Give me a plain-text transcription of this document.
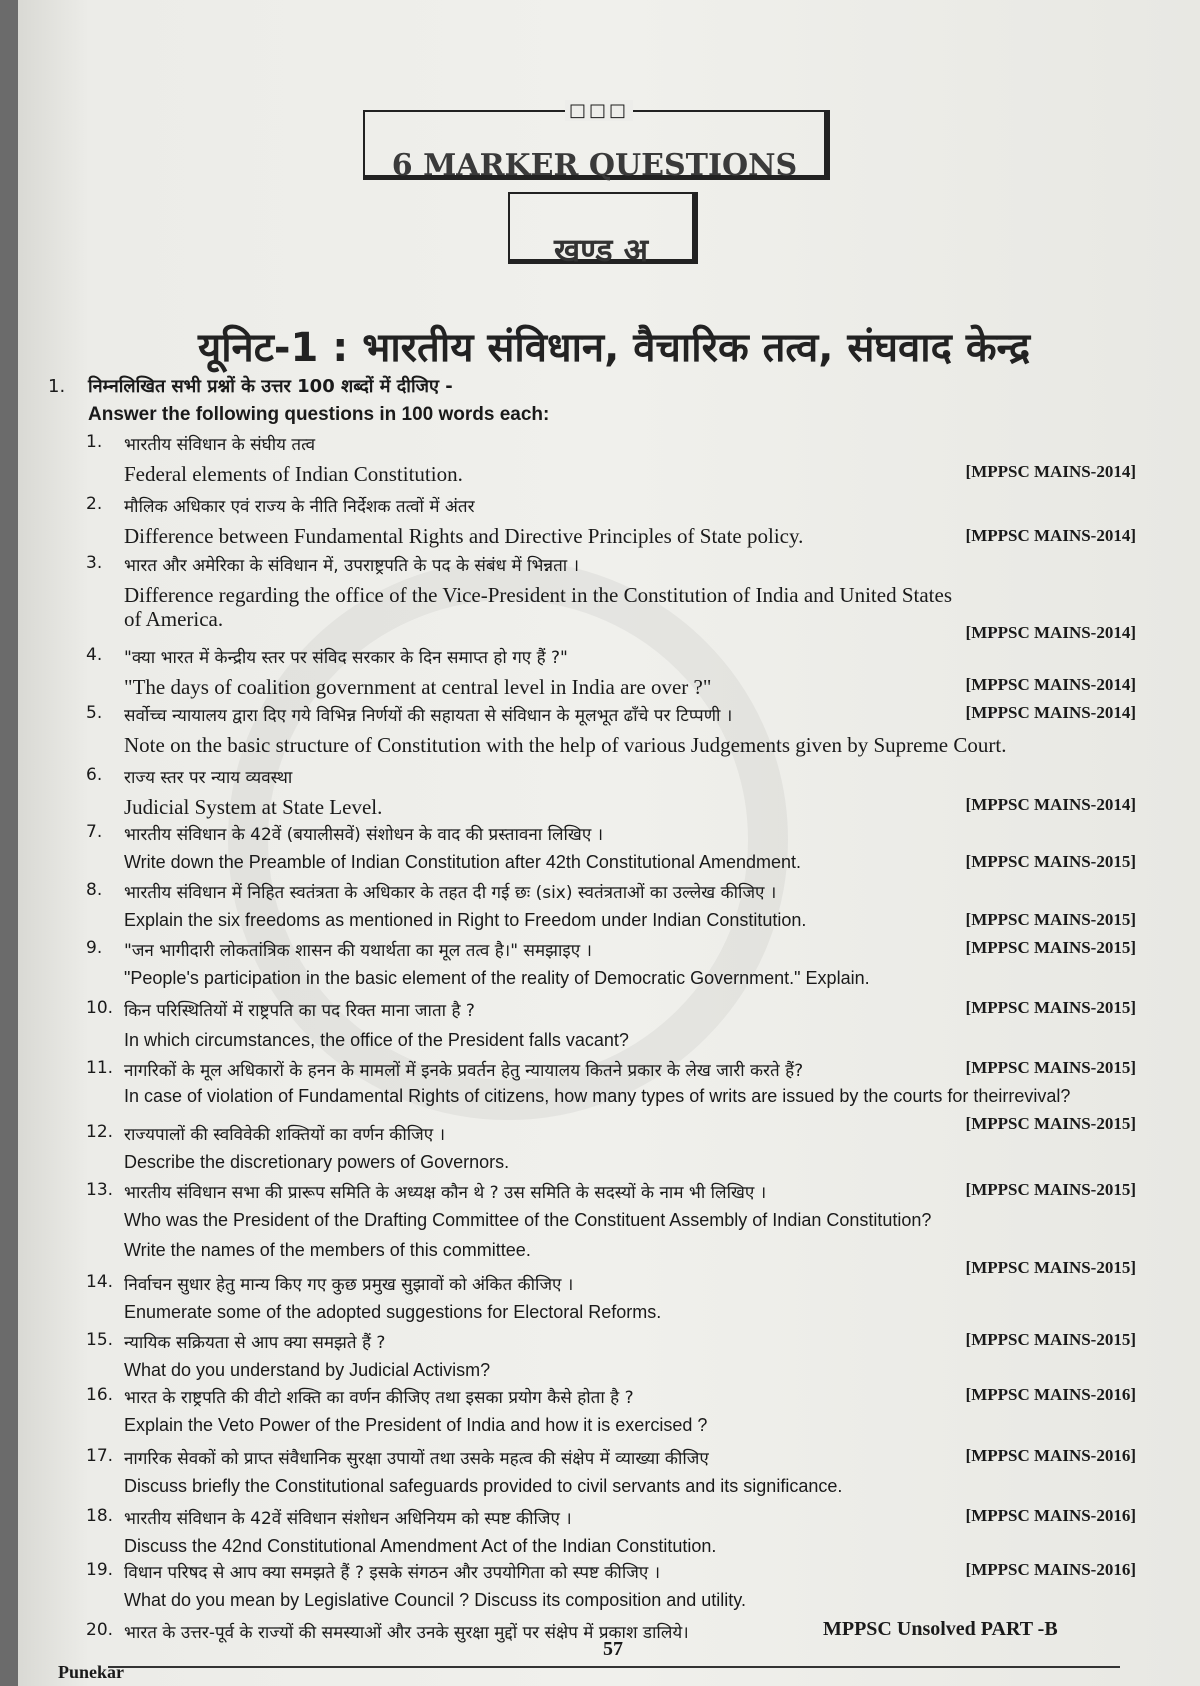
□□□
6 MARKER QUESTIONS
खण्ड अ
यूनिट-1 : भारतीय संविधान, वैचारिक तत्व, संघवाद केन्द्र
1. निम्नलिखित सभी प्रश्नों के उत्तर 100 शब्दों में दीजिए -
Answer the following questions in 100 words each:
1. भारतीय संविधान के संघीय तत्व
Federal elements of Indian Constitution.	[MPPSC MAINS-2014]
2. मौलिक अधिकार एवं राज्य के नीति निर्देशक तत्वों में अंतर
Difference between Fundamental Rights and Directive Principles of State policy.	[MPPSC MAINS-2014]
3. भारत और अमेरिका के संविधान में, उपराष्ट्रपति के पद के संबंध में भिन्नता ।
Difference regarding the office of the Vice-President in the Constitution of India and United States
of America.
[MPPSC MAINS-2014]
4. "क्या भारत में केन्द्रीय स्तर पर संविद सरकार के दिन समाप्त हो गए हैं ?"
"The days of coalition government at central level in India are over ?"	[MPPSC MAINS-2014]
5. सर्वोच्च न्यायालय द्वारा दिए गये विभिन्न निर्णयों की सहायता से संविधान के मूलभूत ढाँचे पर टिप्पणी ।
Note on the basic structure of Constitution with the help of various Judgements given by Supreme Court.
[MPPSC MAINS-2014]
6. राज्य स्तर पर न्याय व्यवस्था
Judicial System at State Level.	[MPPSC MAINS-2014]
7. भारतीय संविधान के 42वें (बयालीसवें) संशोधन के वाद की प्रस्तावना लिखिए ।
Write down the Preamble of Indian Constitution after 42th Constitutional Amendment.	[MPPSC MAINS-2015]
8. भारतीय संविधान में निहित स्वतंत्रता के अधिकार के तहत दी गई छः (six) स्वतंत्रताओं का उल्लेख कीजिए ।
Explain the six freedoms as mentioned in Right to Freedom under Indian Constitution.	[MPPSC MAINS-2015]
9. "जन भागीदारी लोकतांत्रिक शासन की यथार्थता का मूल तत्व है।" समझाइए ।
"People's participation in the basic element of the reality of Democratic Government." Explain.
[MPPSC MAINS-2015]
10. किन परिस्थितियों में राष्ट्रपति का पद रिक्त माना जाता है ?
In which circumstances, the office of the President falls vacant?
[MPPSC MAINS-2015]
11. नागरिकों के मूल अधिकारों के हनन के मामलों में इनके प्रवर्तन हेतु न्यायालय कितने प्रकार के लेख जारी करते हैं?
In case of violation of Fundamental Rights of citizens, how many types of writs are issued by the courts for theirrevival?
[MPPSC MAINS-2015]
[MPPSC MAINS-2015]
12. राज्यपालों की स्वविवेकी शक्तियों का वर्णन कीजिए ।
Describe the discretionary powers of Governors.
13. भारतीय संविधान सभा की प्रारूप समिति के अध्यक्ष कौन थे ? उस समिति के सदस्यों के नाम भी लिखिए ।
Who was the President of the Drafting Committee of the Constituent Assembly of Indian Constitution?
Write the names of the members of this committee.
[MPPSC MAINS-2015]
[MPPSC MAINS-2015]
14. निर्वाचन सुधार हेतु मान्य किए गए कुछ प्रमुख सुझावों को अंकित कीजिए ।
Enumerate some of the adopted suggestions for Electoral Reforms.
15. न्यायिक सक्रियता से आप क्या समझते हैं ?
What do you understand by Judicial Activism?
[MPPSC MAINS-2015]
16. भारत के राष्ट्रपति की वीटो शक्ति का वर्णन कीजिए तथा इसका प्रयोग कैसे होता है ?
Explain the Veto Power of the President of India and how it is exercised ?
[MPPSC MAINS-2016]
17. नागरिक सेवकों को प्राप्त संवैधानिक सुरक्षा उपायों तथा उसके महत्व की संक्षेप में व्याख्या कीजिए
Discuss briefly the Constitutional safeguards provided to civil servants and its significance.
[MPPSC MAINS-2016]
18. भारतीय संविधान के 42वें संविधान संशोधन अधिनियम को स्पष्ट कीजिए ।
Discuss the 42nd Constitutional Amendment Act of the Indian Constitution.
[MPPSC MAINS-2016]
19. विधान परिषद से आप क्या समझते हैं ? इसके संगठन और उपयोगिता को स्पष्ट कीजिए ।
What do you mean by Legislative Council ? Discuss its composition and utility.
[MPPSC MAINS-2016]
20. भारत के उत्तर-पूर्व के राज्यों की समस्याओं और उनके सुरक्षा मुद्दों पर संक्षेप में प्रकाश डालिये।	MPPSC Unsolved PART -B
57
Punekar
